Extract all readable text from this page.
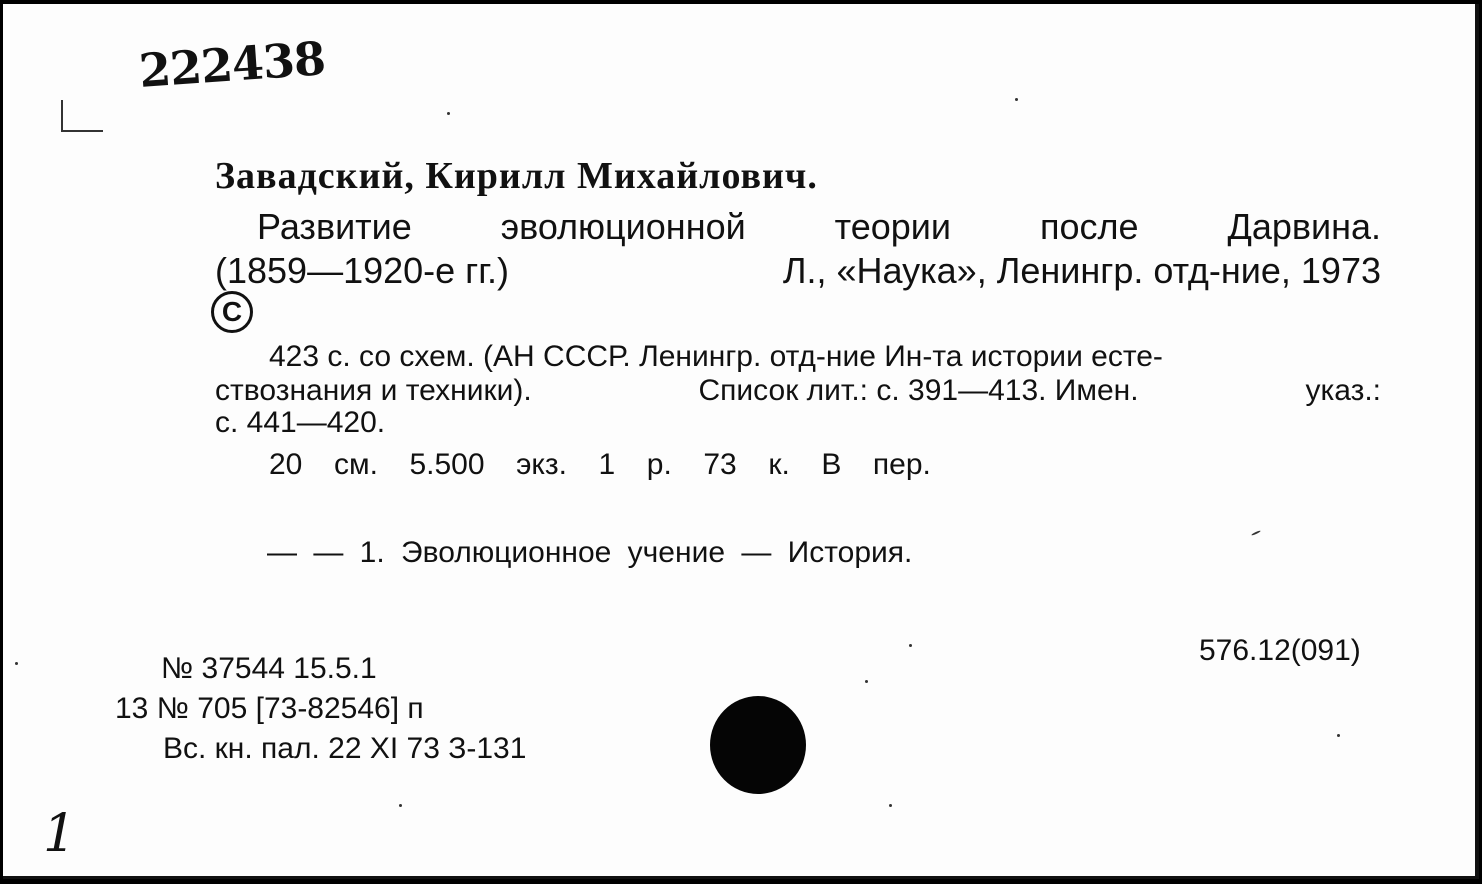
222438
Завадский, Кирилл Михайлович.
Развитие эволюционной теории после Дарвина.
(1859—1920-е гг.)	Л., «Наука», Ленингр. отд-ние, 1973
C
423 с. со схем. (АН СССР. Ленингр. отд-ние Ин-та истории есте-
ствознания и техники).	Список лит.: с. 391—413. Имен.	указ.:
с. 441—420.
20 см. 5.500 экз. 1 р. 73 к. В пер.
— — 1. Эволюционное учение — История.
576.12(091)
№ 37544 15.5.1
13 № 705 [73-82546] п
Вс. кн. пал. 22 XI 73 З-131
1
